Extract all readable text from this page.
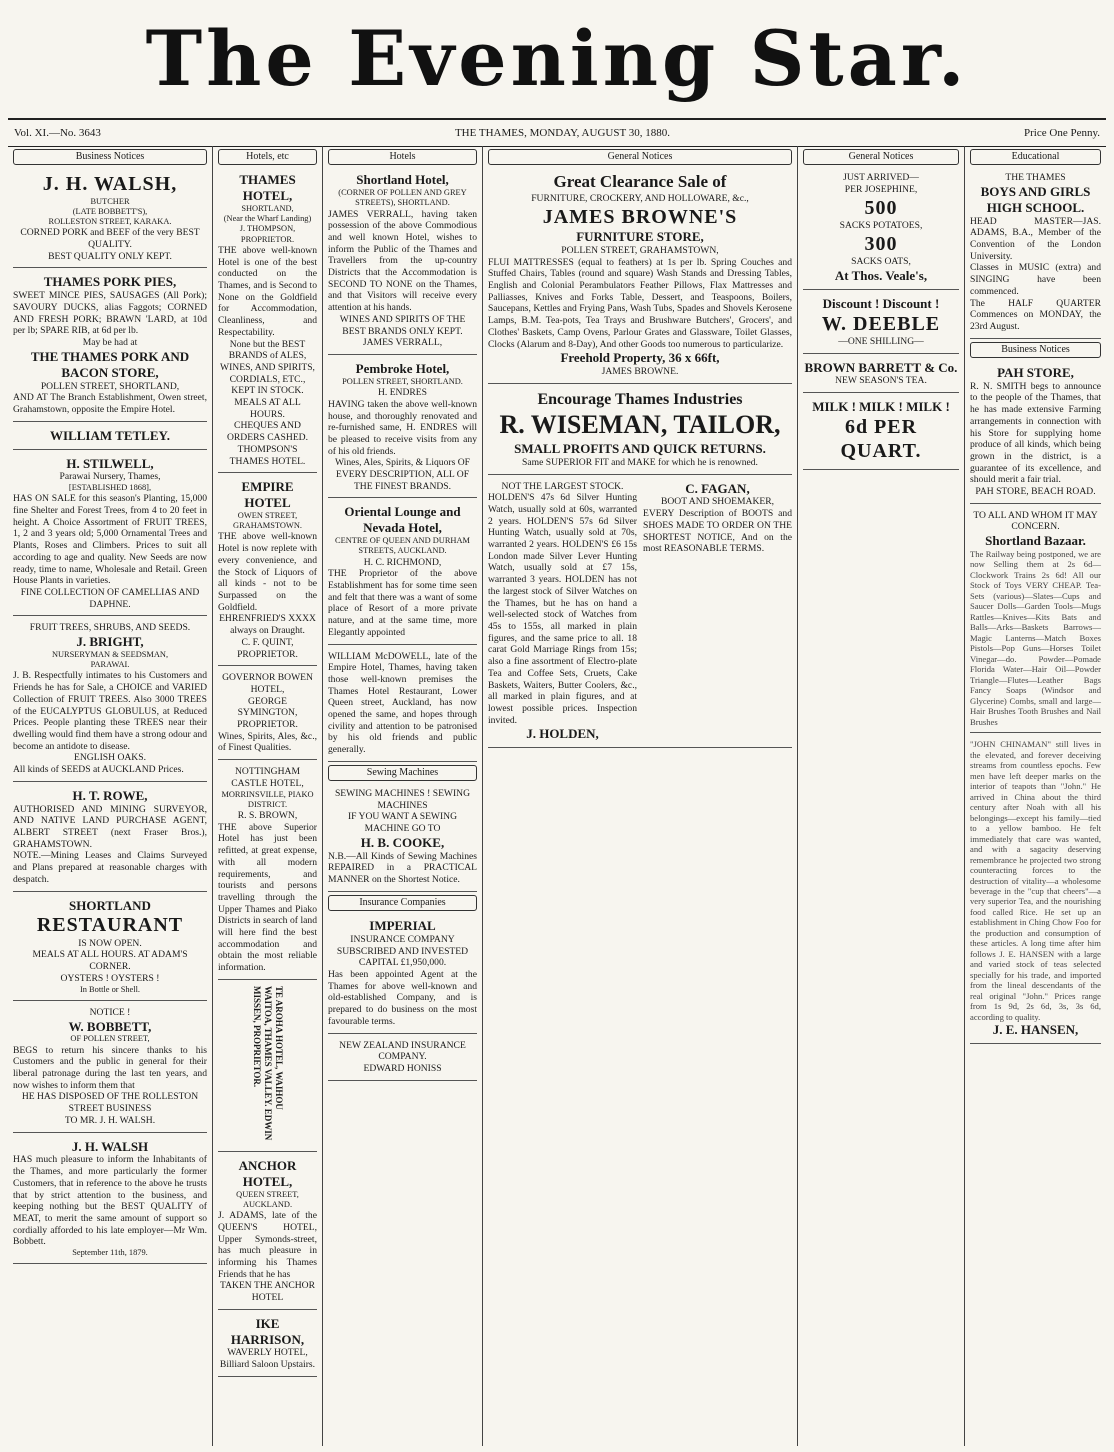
The Evening Star.
Vol. XI.—No. 3643	THE THAMES, MONDAY, AUGUST 30, 1880.	Price One Penny.
Business Notices
J. H. WALSH,
BUTCHER
(LATE BOBBETT'S),
ROLLESTON STREET, KARAKA.
CORNED PORK and BEEF of the very BEST QUALITY.
BEST QUALITY ONLY KEPT.
THAMES PORK PIES,
SWEET MINCE PIES, SAUSAGES (All Pork); SAVOURY DUCKS, alias Faggots; CORNED AND FRESH PORK; BRAWN 'LARD, at 10d per lb; SPARE RIB, at 6d per lb.
May be had at
THE THAMES PORK AND BACON STORE,
POLLEN STREET, SHORTLAND,
AND AT The Branch Establishment, Owen street, Grahamstown, opposite the Empire Hotel.
WILLIAM TETLEY.
H. STILWELL,
Parawai Nursery, Thames,
[ESTABLISHED 1868],
HAS ON SALE for this season's Planting, 15,000 fine Shelter and Forest Trees, from 4 to 20 feet in height. A Choice Assortment of FRUIT TREES, 1, 2 and 3 years old; 5,000 Ornamental Trees and Plants, Roses and Climbers. Prices to suit all according to age and quality. New Seeds are now ready, time to name, Wholesale and Retail. Green House Plants in varieties.
FINE COLLECTION OF CAMELLIAS AND DAPHNE.
FRUIT TREES, SHRUBS, AND SEEDS.
J. BRIGHT,
NURSERYMAN & SEEDSMAN,
PARAWAI.
J. B. Respectfully intimates to his Customers and Friends he has for Sale, a CHOICE and VARIED Collection of FRUIT TREES. Also 3000 TREES of the EUCALYPTUS GLOBULUS, at Reduced Prices. People planting these TREES near their dwelling would find them have a strong odour and become an antidote to disease.
ENGLISH OAKS.
All kinds of SEEDS at AUCKLAND Prices.
H. T. ROWE,
AUTHORISED AND MINING SURVEYOR, AND NATIVE LAND PURCHASE AGENT, ALBERT STREET (next Fraser Bros.), GRAHAMSTOWN.
NOTE.—Mining Leases and Claims Surveyed and Plans prepared at reasonable charges with despatch.
SHORTLAND
RESTAURANT
IS NOW OPEN.
MEALS AT ALL HOURS. AT ADAM'S CORNER.
OYSTERS ! OYSTERS !
In Bottle or Shell.
NOTICE !
W. BOBBETT,
OF POLLEN STREET,
BEGS to return his sincere thanks to his Customers and the public in general for their liberal patronage during the last ten years, and now wishes to inform them that
HE HAS DISPOSED OF THE ROLLESTON STREET BUSINESS
TO MR. J. H. WALSH.
J. H. WALSH
HAS much pleasure to inform the Inhabitants of the Thames, and more particularly the former Customers, that in reference to the above he trusts that by strict attention to the business, and keeping nothing but the BEST QUALITY of MEAT, to merit the same amount of support so cordially afforded to his late employer—Mr Wm. Bobbett.
September 11th, 1879.
Hotels, etc
THAMES HOTEL,
SHORTLAND,
(Near the Wharf Landing)
J. THOMPSON, PROPRIETOR.
THE above well-known Hotel is one of the best conducted on the Thames, and is Second to None on the Goldfield for Accommodation, Cleanliness, and Respectability.
None but the BEST BRANDS of ALES, WINES, AND SPIRITS, CORDIALS, ETC., KEPT IN STOCK.
MEALS AT ALL HOURS.
CHEQUES AND ORDERS CASHED.
THOMPSON'S THAMES HOTEL.
EMPIRE HOTEL
OWEN STREET, GRAHAMSTOWN.
THE above well-known Hotel is now replete with every convenience, and the Stock of Liquors of all kinds - not to be Surpassed on the Goldfield.
EHRENFRIED'S XXXX always on Draught.
C. F. QUINT, PROPRIETOR.
GOVERNOR BOWEN HOTEL,
GEORGE SYMINGTON, PROPRIETOR.
Wines, Spirits, Ales, &c., of Finest Qualities.
NOTTINGHAM CASTLE HOTEL,
MORRINSVILLE, PIAKO DISTRICT.
R. S. BROWN,
THE above Superior Hotel has just been refitted, at great expense, with all modern requirements, and tourists and persons travelling through the Upper Thames and Piako Districts in search of land will here find the best accommodation and obtain the most reliable information.
TE AROHA HOTEL, WAIHOU WAITOA, THAMES VALLEY. EDWIN MISSEN, PROPRIETOR.
ANCHOR HOTEL,
QUEEN STREET, AUCKLAND.
J. ADAMS, late of the QUEEN'S HOTEL, Upper Symonds-street, has much pleasure in informing his Thames Friends that he has
TAKEN THE ANCHOR HOTEL
IKE HARRISON,
WAVERLY HOTEL,
Billiard Saloon Upstairs.
Hotels
Shortland Hotel,
(CORNER OF POLLEN AND GREY STREETS), SHORTLAND.
JAMES VERRALL, having taken possession of the above Commodious and well known Hotel, wishes to inform the Public of the Thames and Travellers from the up-country Districts that the Accommodation is SECOND TO NONE on the Thames, and that Visitors will receive every attention at his hands.
WINES AND SPIRITS OF THE BEST BRANDS ONLY KEPT.
JAMES VERRALL,
Pembroke Hotel,
POLLEN STREET, SHORTLAND.
H. ENDRES
HAVING taken the above well-known house, and thoroughly renovated and re-furnished same, H. ENDRES will be pleased to receive visits from any of his old friends.
Wines, Ales, Spirits, & Liquors OF EVERY DESCRIPTION, ALL OF THE FINEST BRANDS.
Oriental Lounge and Nevada Hotel,
CENTRE OF QUEEN AND DURHAM STREETS, AUCKLAND.
H. C. RICHMOND,
THE Proprietor of the above Establishment has for some time seen and felt that there was a want of some place of Resort of a more private nature, and at the same time, more Elegantly appointed
WILLIAM McDOWELL, late of the Empire Hotel, Thames, having taken those well-known premises the Thames Hotel Restaurant, Lower Queen street, Auckland, has now opened the same, and hopes through civility and attention to be patronised by his old friends and public generally.
Sewing Machines
SEWING MACHINES ! SEWING MACHINES
IF YOU WANT A SEWING MACHINE GO TO
H. B. COOKE,
N.B.—All Kinds of Sewing Machines REPAIRED in a PRACTICAL MANNER on the Shortest Notice.
Insurance Companies
IMPERIAL
INSURANCE COMPANY
SUBSCRIBED AND INVESTED CAPITAL £1,950,000.
Has been appointed Agent at the Thames for above well-known and old-established Company, and is prepared to do business on the most favourable terms.
NEW ZEALAND INSURANCE COMPANY.
EDWARD HONISS
General Notices
Great Clearance Sale of
FURNITURE, CROCKERY, AND HOLLOWARE, &c.,
JAMES BROWNE'S
FURNITURE STORE,
POLLEN STREET, GRAHAMSTOWN,
FLUI MATTRESSES (equal to feathers) at 1s per lb. Spring Couches and Stuffed Chairs, Tables (round and square) Wash Stands and Dressing Tables, English and Colonial Perambulators Feather Pillows, Flax Mattresses and Palliasses, Knives and Forks Table, Dessert, and Teaspoons, Boilers, Saucepans, Kettles and Frying Pans, Wash Tubs, Spades and Shovels Kerosene Lamps, B.M. Tea-pots, Tea Trays and Brushware Butchers', Grocers', and Clothes' Baskets, Camp Ovens, Parlour Grates and Glassware, Toilet Glasses, Clocks (Alarum and 8-Day), And other Goods too numerous to particularize.
Freehold Property, 36 x 66ft,
JAMES BROWNE.
Encourage Thames Industries
R. WISEMAN, TAILOR,
SMALL PROFITS AND QUICK RETURNS.
Same SUPERIOR FIT and MAKE for which he is renowned.
NOT THE LARGEST STOCK.
HOLDEN'S 47s 6d Silver Hunting Watch, usually sold at 60s, warranted 2 years. HOLDEN'S 57s 6d Silver Hunting Watch, usually sold at 70s, warranted 2 years. HOLDEN'S £6 15s London made Silver Lever Hunting Watch, usually sold at £7 15s, warranted 3 years. HOLDEN has not the largest stock of Silver Watches on the Thames, but he has on hand a well-selected stock of Watches from 45s to 155s, all marked in plain figures, and the same price to all. 18 carat Gold Marriage Rings from 15s; also a fine assortment of Electro-plate Tea and Coffee Sets, Cruets, Cake Baskets, Waiters, Butter Coolers, &c., all marked in plain figures, and at lowest possible prices. Inspection invited.
J. HOLDEN,
C. FAGAN,
BOOT AND SHOEMAKER,
EVERY Description of BOOTS and SHOES MADE TO ORDER ON THE SHORTEST NOTICE, And on the most REASONABLE TERMS.
General Notices
JUST ARRIVED—
PER JOSEPHINE,
500
SACKS POTATOES,
300
SACKS OATS,
At Thos. Veale's,
Discount ! Discount !
W. DEEBLE
—ONE SHILLING—
BROWN BARRETT & Co.
NEW SEASON'S TEA.
MILK ! MILK ! MILK !
6d PER QUART.
Educational
THE THAMES
BOYS AND GIRLS HIGH SCHOOL.
HEAD MASTER—JAS. ADAMS, B.A., Member of the Convention of the London University.
Classes in MUSIC (extra) and SINGING have been commenced.
The HALF QUARTER Commences on MONDAY, the 23rd August.
Business Notices
PAH STORE,
R. N. SMITH begs to announce to the people of the Thames, that he has made extensive Farming arrangements in connection with his Store for supplying home produce of all kinds, which being grown in the district, is a guarantee of its excellence, and should merit a fair trial.
PAH STORE, BEACH ROAD.
TO ALL AND WHOM IT MAY CONCERN.
Shortland Bazaar.
The Railway being postponed, we are now Selling them at 2s 6d—Clockwork Trains 2s 6d! All our Stock of Toys VERY CHEAP. Tea-Sets (various)—Slates—Cups and Saucer Dolls—Garden Tools—Mugs Rattles—Knives—Kits Bats and Balls—Arks—Baskets Barrows—Magic Lanterns—Match Boxes Pistols—Pop Guns—Horses Toilet Vinegar—do. Powder—Pomade Florida Water—Hair Oil—Powder Triangle—Flutes—Leather Bags Fancy Soaps (Windsor and Glycerine) Combs, small and large—Hair Brushes Tooth Brushes and Nail Brushes
"JOHN CHINAMAN" still lives in the elevated, and forever deceiving streams from countless epochs. Few men have left deeper marks on the interior of teapots than "John." He arrived in China about the third century after Noah with all his belongings—except his family—tied to a yellow bamboo. He felt immediately that care was wanted, and with a sagacity deserving remembrance he projected two strong counteracting forces to the destruction of vitality—a wholesome beverage in the "cup that cheers"—a very superior Tea, and the nourishing food called Rice. He set up an establishment in Ching Chow Foo for the production and consumption of these articles. A long time after him follows J. E. HANSEN with a large and varied stock of teas selected specially for his trade, and imported from the lineal descendants of the real original "John." Prices range from 1s 9d, 2s 6d, 3s, 3s 6d, according to quality.
J. E. HANSEN,
